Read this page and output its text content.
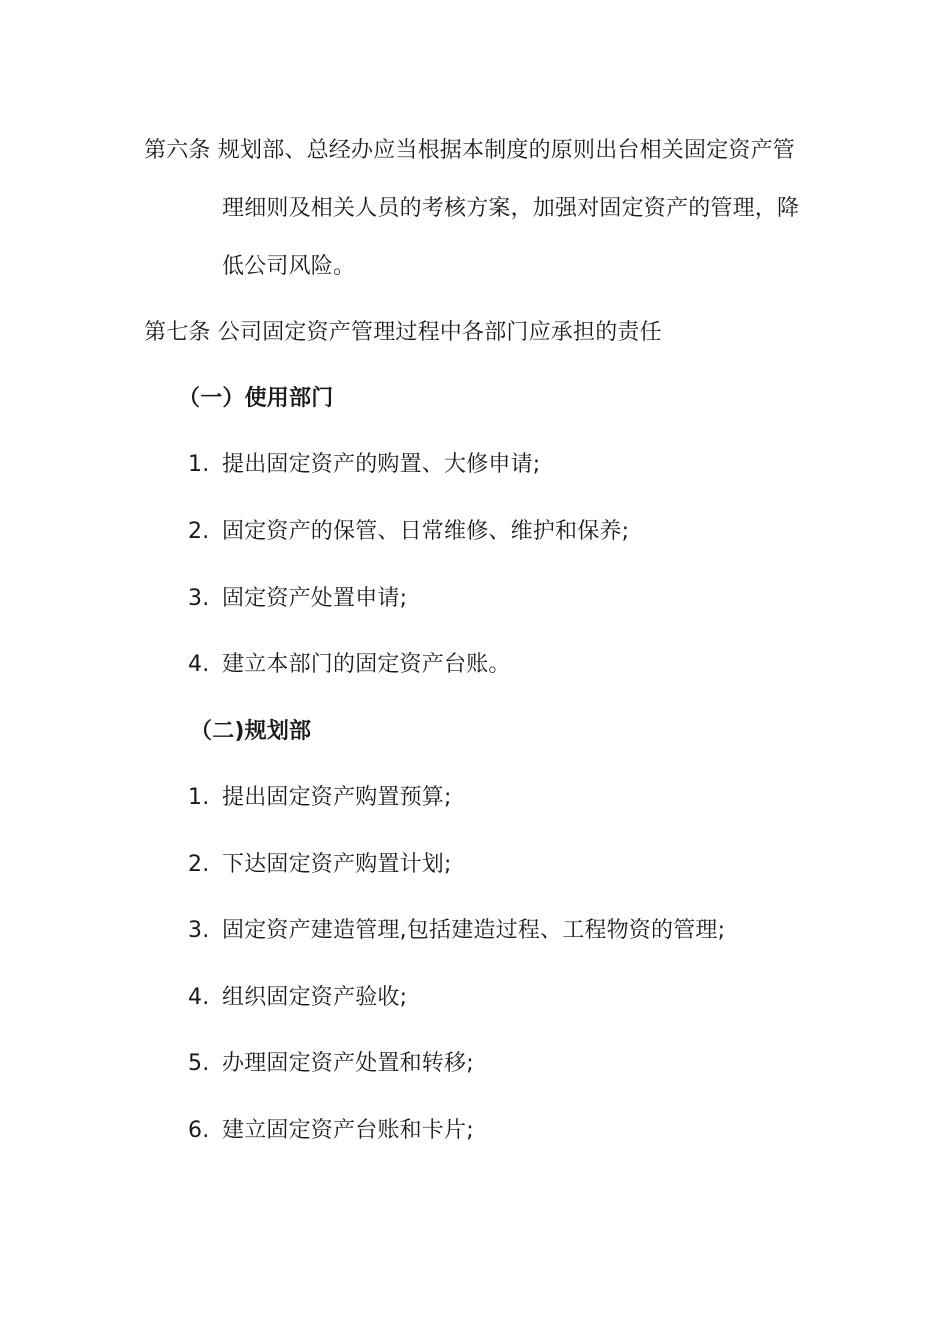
第六条 规划部、总经办应当根据本制度的原则出台相关固定资产管
理细则及相关人员的考核方案，加强对固定资产的管理，降
低公司风险。
第七条 公司固定资产管理过程中各部门应承担的责任
（一）使用部门
1. 提出固定资产的购置、大修申请;
2. 固定资产的保管、日常维修、维护和保养;
3. 固定资产处置申请;
4. 建立本部门的固定资产台账。
（二)规划部
1. 提出固定资产购置预算;
2. 下达固定资产购置计划;
3. 固定资产建造管理,包括建造过程、工程物资的管理;
4. 组织固定资产验收;
5. 办理固定资产处置和转移;
6. 建立固定资产台账和卡片;
